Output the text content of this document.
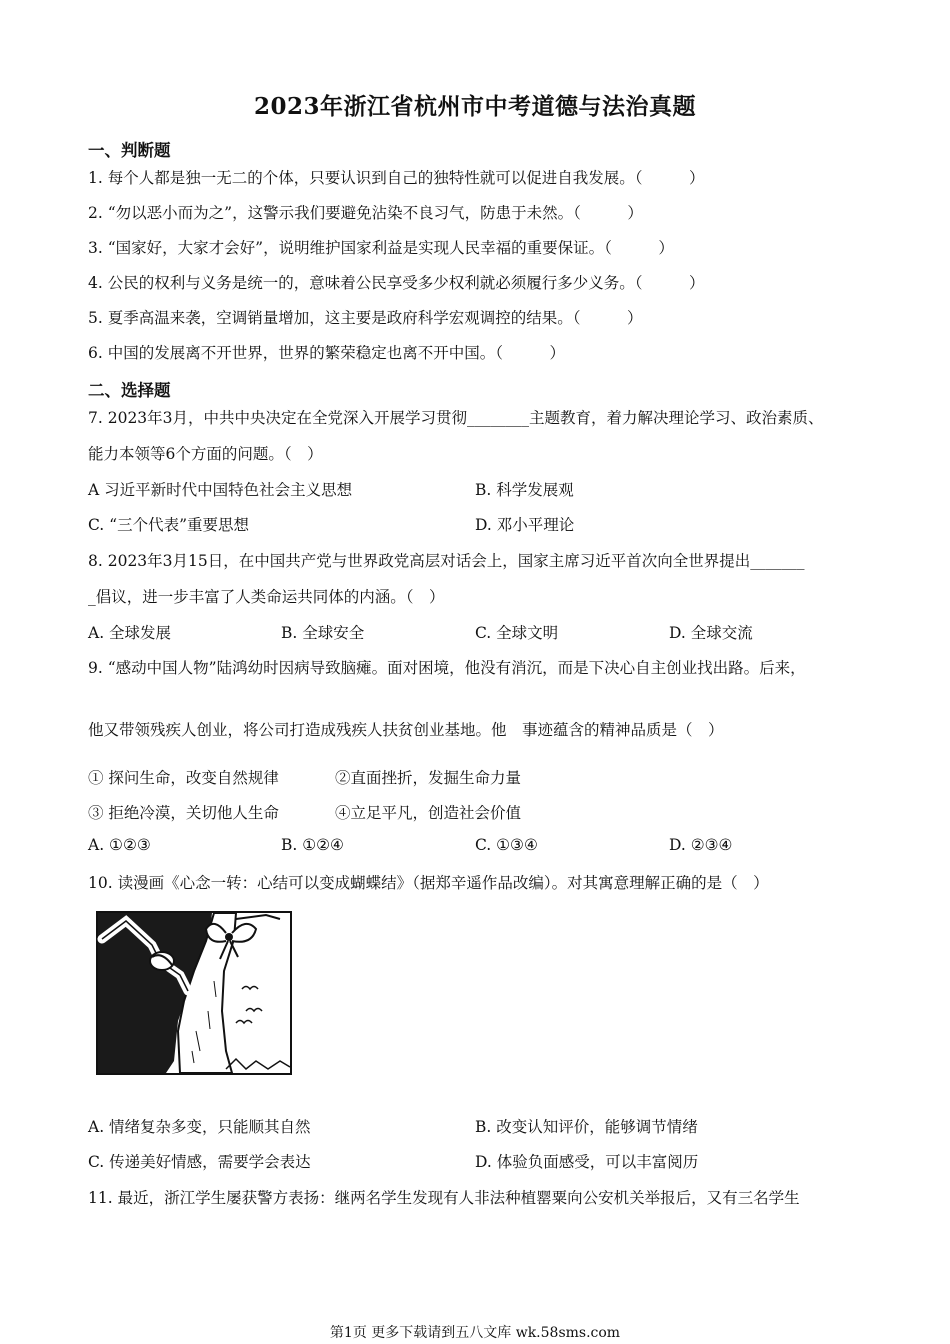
2023年浙江省杭州市中考道德与法治真题
一、判断题
1. 每个人都是独一无二的个体，只要认识到自己的独特性就可以促进自我发展。（　　　）
2. “勿以恶小而为之”，这警示我们要避免沾染不良习气，防患于未然。（　　　）
3. “国家好，大家才会好”，说明维护国家利益是实现人民幸福的重要保证。（　　　）
4. 公民的权利与义务是统一的，意味着公民享受多少权利就必须履行多少义务。（　　　）
5. 夏季高温来袭，空调销量增加，这主要是政府科学宏观调控的结果。（　　　）
6. 中国的发展离不开世界，世界的繁荣稳定也离不开中国。（　　　）
二、选择题
7. 2023年3月，中共中央决定在全党深入开展学习贯彻________主题教育，着力解决理论学习、政治素质、
能力本领等6个方面的问题。（　）
A 习近平新时代中国特色社会主义思想	B. 科学发展观
C. “三个代表”重要思想	D. 邓小平理论
8. 2023年3月15日，在中国共产党与世界政党高层对话会上，国家主席习近平首次向全世界提出_______
_倡议，进一步丰富了人类命运共同体的内涵。（　）
A. 全球发展	B. 全球安全	C. 全球文明	D. 全球交流
9. “感动中国人物”陆鸿幼时因病导致脑瘫。面对困境，他没有消沉，而是下决心自主创业找出路。后来，
他又带领残疾人创业，将公司打造成残疾人扶贫创业基地。他　事迹蕴含的精神品质是（　）
① 探问生命，改变自然规律	②直面挫折，发掘生命力量
③ 拒绝冷漠，关切他人生命	④立足平凡，创造社会价值
A. ①②③	B. ①②④	C. ①③④	D. ②③④
10. 读漫画《心念一转：心结可以变成蝴蝶结》（据郑辛遥作品改编）。对其寓意理解正确的是（　）
A. 情绪复杂多变，只能顺其自然	B. 改变认知评价，能够调节情绪
C. 传递美好情感，需要学会表达	D. 体验负面感受，可以丰富阅历
11. 最近，浙江学生屡获警方表扬：继两名学生发现有人非法种植罂粟向公安机关举报后，又有三名学生
第1页 更多下载请到五八文库 wk.58sms.com
